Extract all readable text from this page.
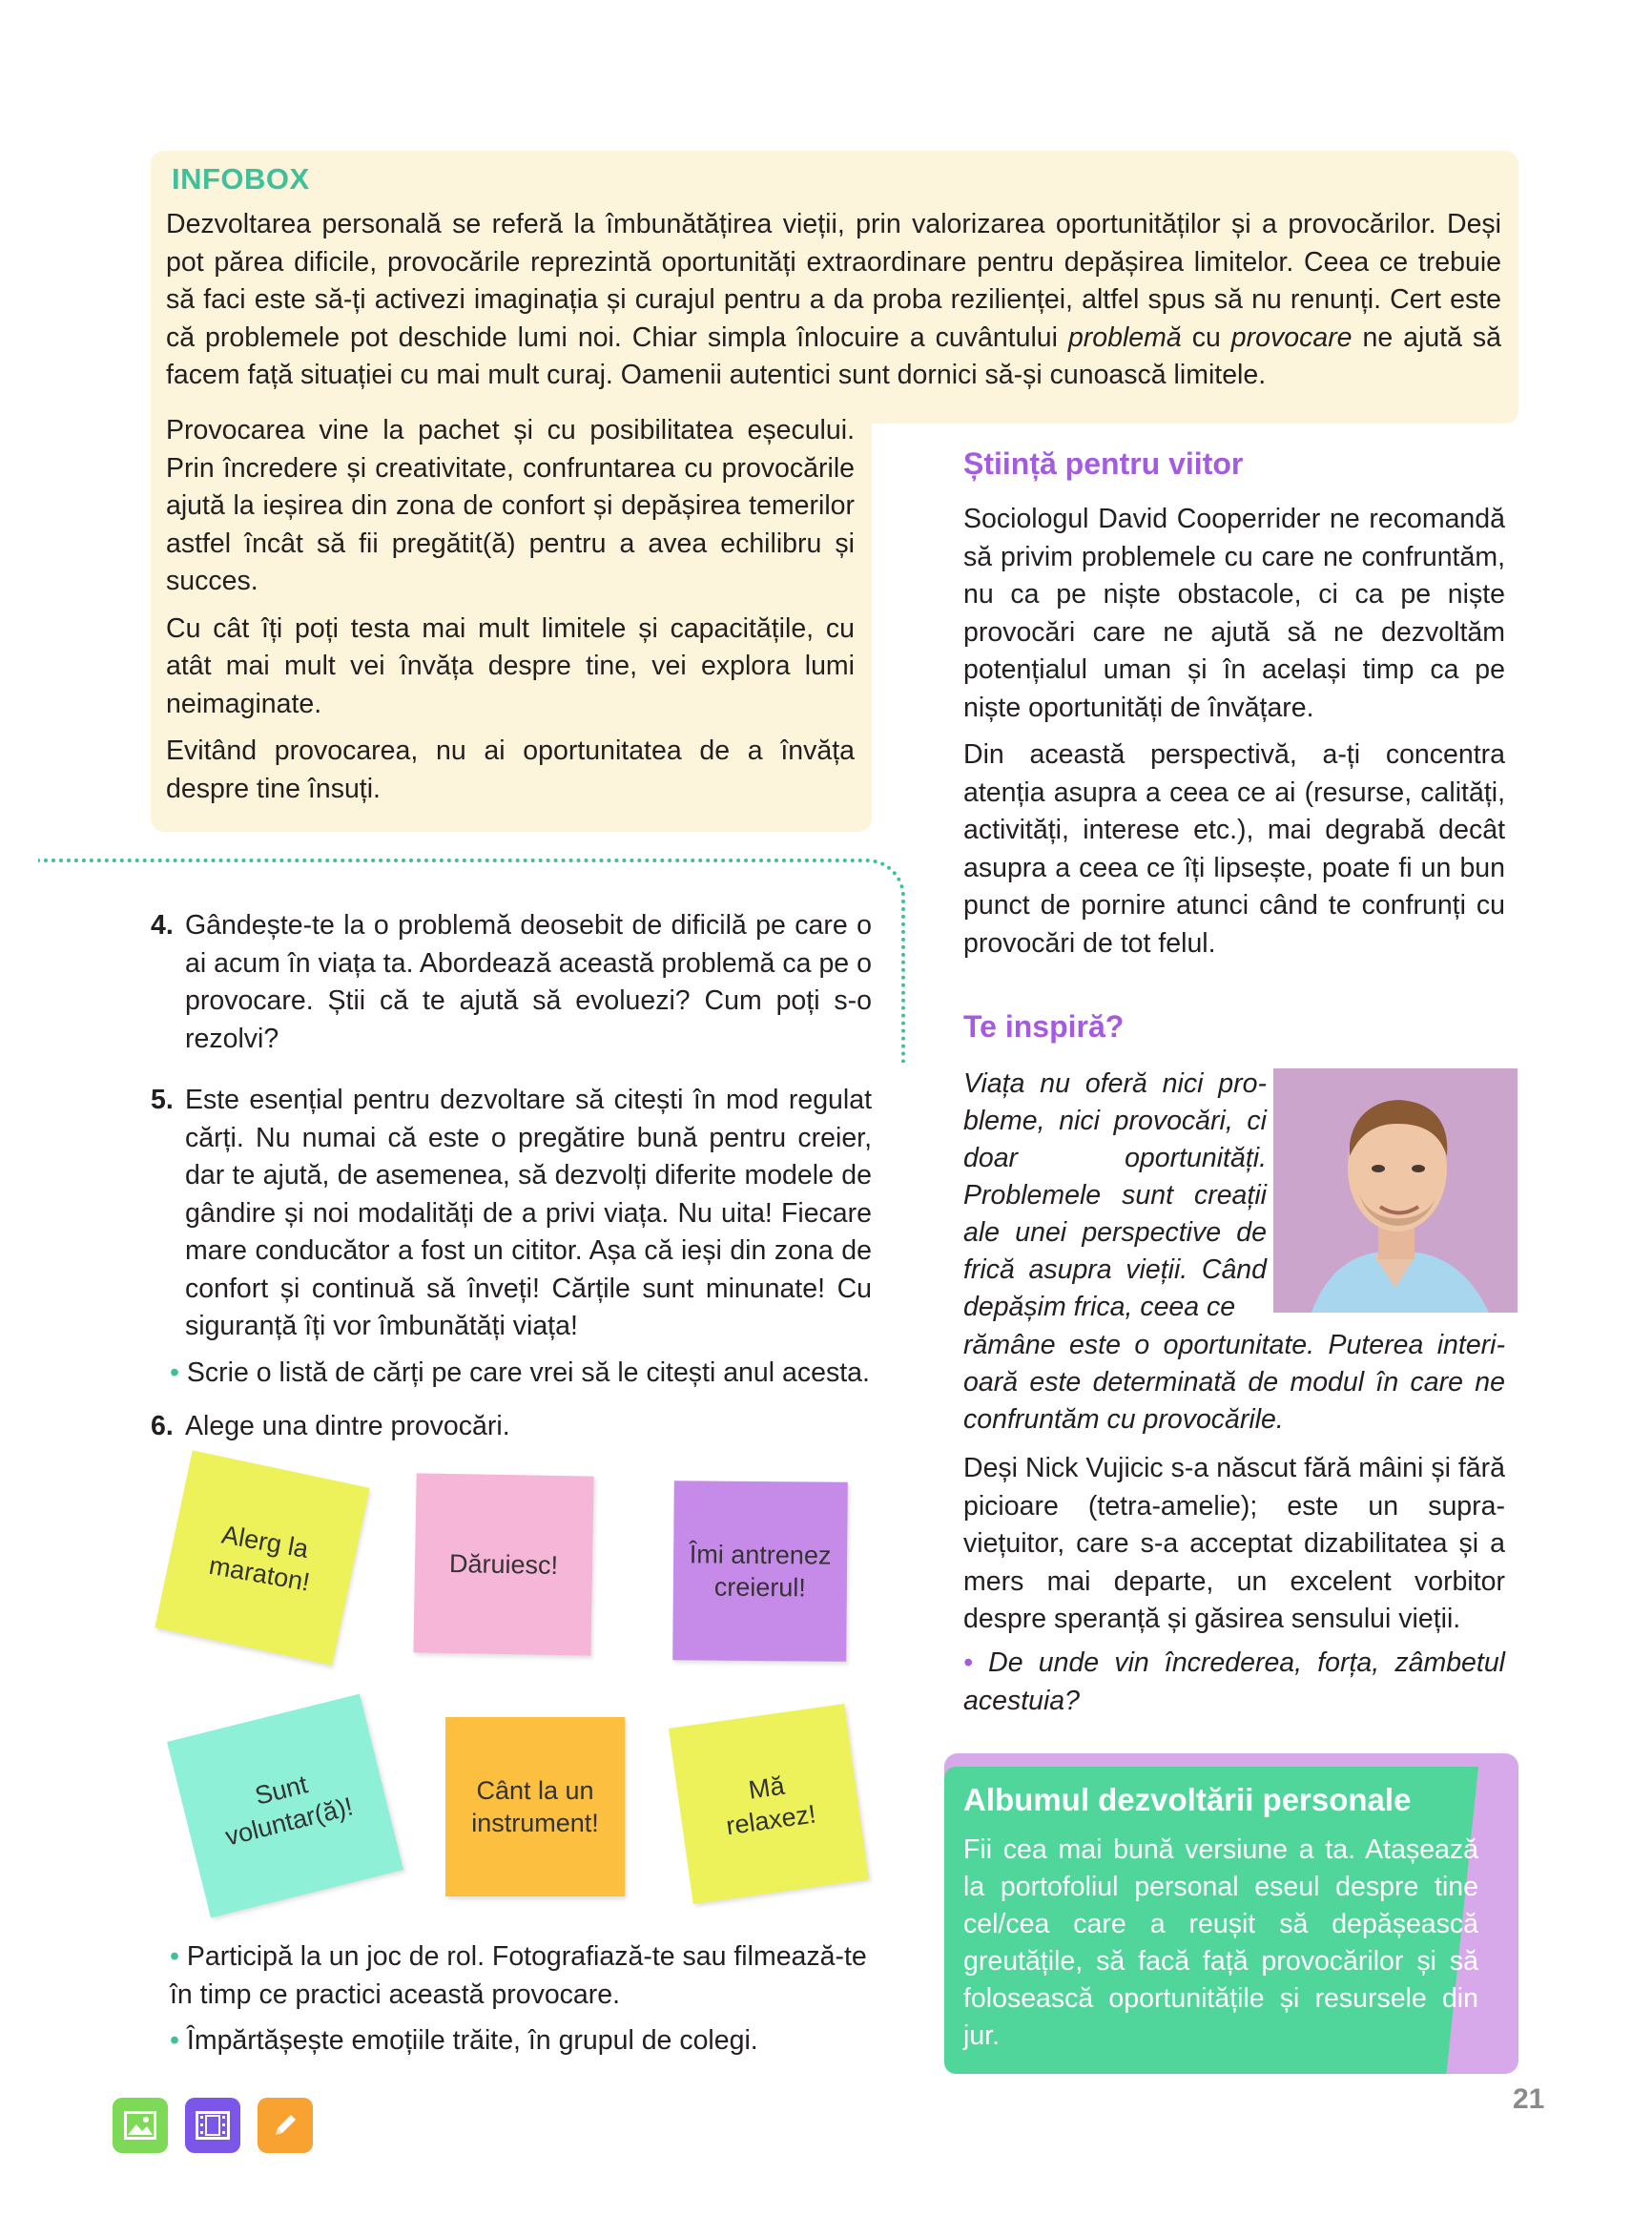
INFOBOX
Dezvoltarea personală se referă la îmbunătățirea vieții, prin valorizarea oportunităților și a provocărilor. Deși pot părea dificile, provocările reprezintă oportunități extraordinare pentru depășirea limitelor. Ceea ce trebuie să faci este să-ți activezi imaginația și curajul pentru a da proba rezilienței, altfel spus să nu renunți. Cert este că problemele pot deschide lumi noi. Chiar simpla înlocuire a cuvântului problemă cu provocare ne ajută să facem față situației cu mai mult curaj. Oamenii autentici sunt dornici să-și cunoască limitele.

Provocarea vine la pachet și cu posibilitatea eșecului. Prin încredere și creativitate, confruntarea cu provocările ajută la ieșirea din zona de confort și depășirea temerilor astfel încât să fii pregătit(ă) pentru a avea echilibru și succes.

Cu cât îți poți testa mai mult limitele și capacitățile, cu atât mai mult vei învăța despre tine, vei explora lumi neimaginate.

Evitând provocarea, nu ai oportunitatea de a învăța despre tine însuți.

Știință pentru viitor

Sociologul David Cooperrider ne recomandă să privim problemele cu care ne confruntăm, nu ca pe niște obstacole, ci ca pe niște provocări care ne ajută să ne dezvoltăm potențialul uman și în același timp ca pe niște oportunități de învățare.

Din această perspectivă, a-ți concentra atenția asupra a ceea ce ai (resurse, calități, activități, interese etc.), mai degrabă decât asupra a ceea ce îți lipsește, poate fi un bun punct de pornire atunci când te confrunți cu provocări de tot felul.

Te inspiră?
Viața nu oferă nici probleme, nici provocări, ci doar oportunități. Problemele sunt creații ale unei perspective de frică asupra vieții. Când depășim frica, ceea ce
rămâne este o oportunitate. Puterea interioară este determinată de modul în care ne confruntăm cu provocările.
Deși Nick Vujicic s-a născut fără mâini și fără picioare (tetra-amelie); este un supraviețuitor, care s-a acceptat dizabilitatea și a mers mai departe, un excelent vorbitor despre speranță și găsirea sensului vieții.
• De unde vin încrederea, forța, zâmbetul acestuia?
Albumul dezvoltării personale
Fii cea mai bună versiune a ta. Atașează la portofoliul personal eseul despre tine cel/cea care a reușit să depășească greutățile, să facă față provocărilor și să folosească oportunitățile și resursele din jur.
21
4. Gândește-te la o problemă deosebit de dificilă pe care o ai acum în viața ta. Abordează această problemă ca pe o provocare. Știi că te ajută să evoluezi? Cum poți s-o rezolvi?

5. Este esențial pentru dezvoltare să citești în mod regulat cărți. Nu numai că este o pregătire bună pentru creier, dar te ajută, de asemenea, să dezvolți diferite modele de gândire și noi modalități de a privi viața. Nu uita! Fiecare mare conducător a fost un cititor. Așa că ieși din zona de confort și continuă să înveți! Cărțile sunt minunate! Cu siguranță îți vor îmbunătăți viața!

• Scrie o listă de cărți pe care vrei să le citești anul acesta.
6. Alege una dintre provocări.

Alerg la maraton!	Dăruiesc!	Îmi antrenez creierul!
Sunt voluntar(ă)!
Cânt la un instrument!
Mă relaxez!
• Participă la un joc de rol. Fotografiază-te sau filmează-te în timp ce practici această provocare.
• Împărtășește emoțiile trăite, în grupul de colegi.
